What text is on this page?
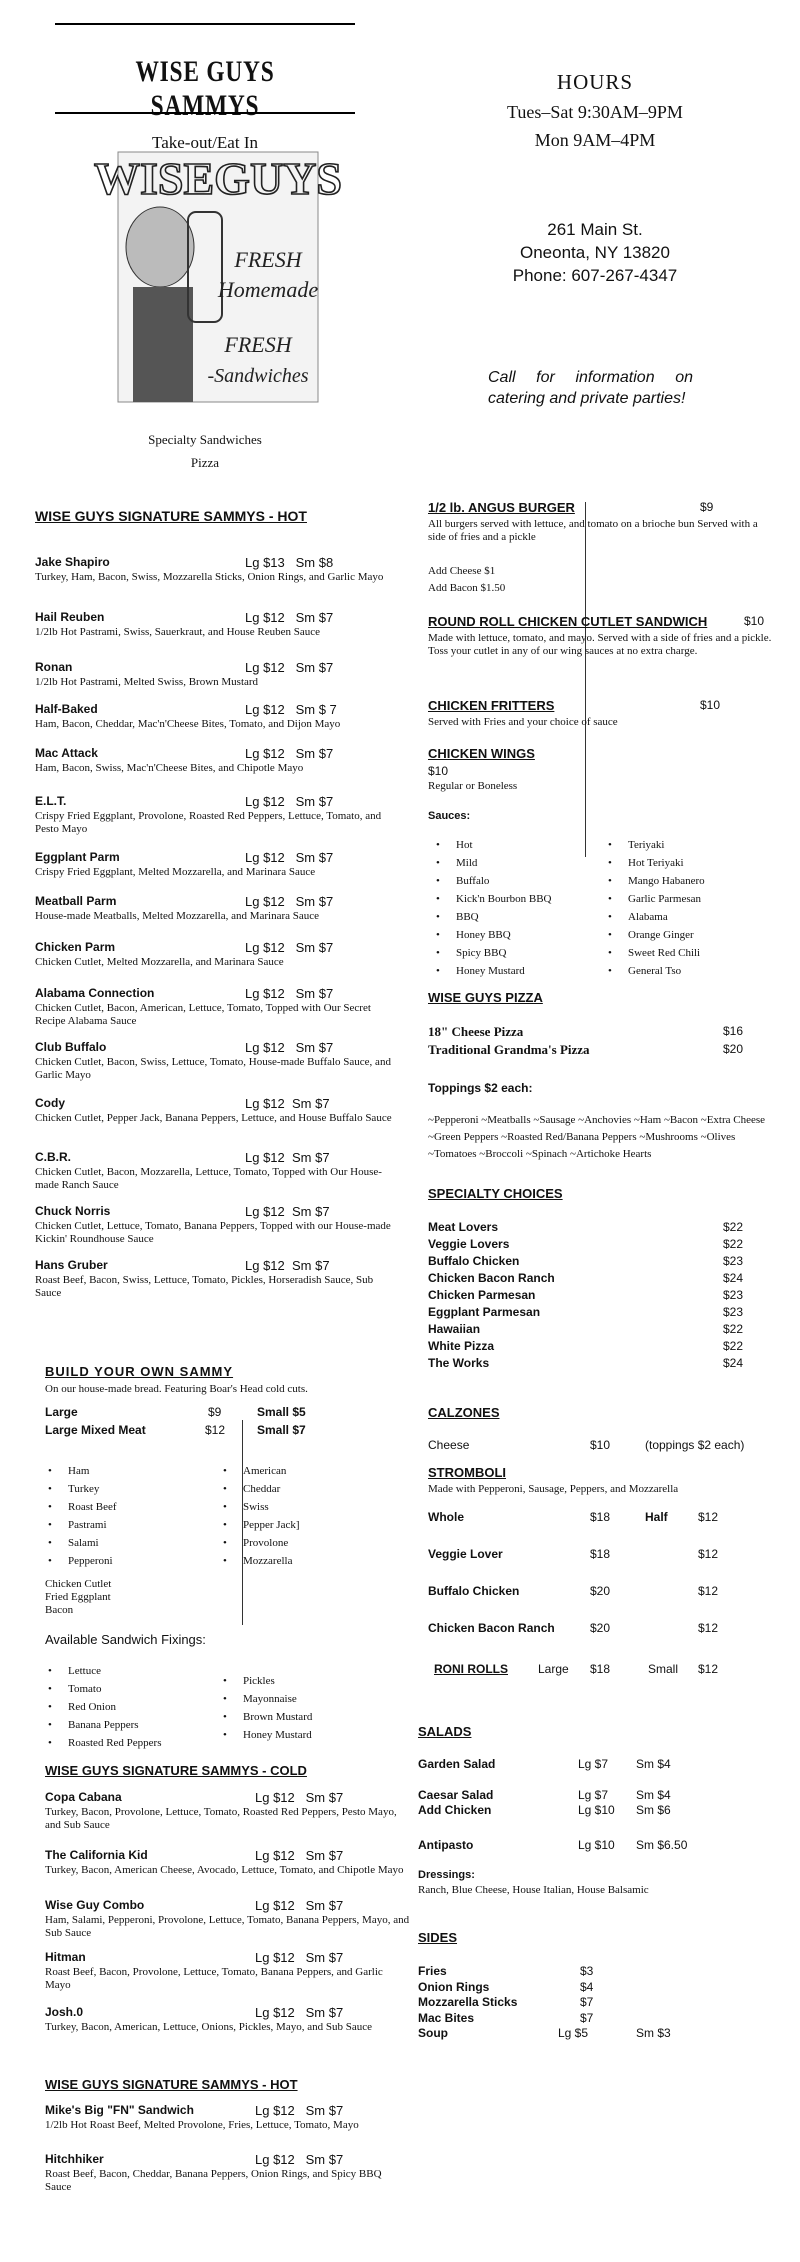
WISE GUYS SAMMYS
Take-out/Eat In
WISEGUYS
FRESH
Homemade
FRESH
-Sandwiches
Specialty Sandwiches
Pizza
HOURS
Tues–Sat 9:30AM–9PM
Mon 9AM–4PM
261 Main St.
Oneonta, NY 13820
Phone: 607-267-4347
Call for information on catering and private parties!
WISE GUYS SIGNATURE SAMMYS - HOT
Jake Shapiro	Lg $13   Sm $8
Turkey, Ham, Bacon, Swiss, Mozzarella Sticks, Onion Rings, and Garlic Mayo
Hail Reuben	Lg $12   Sm $7
1/2lb Hot Pastrami, Swiss, Sauerkraut, and House Reuben Sauce
Ronan	Lg $12   Sm $7
1/2lb Hot Pastrami, Melted Swiss, Brown Mustard
Half-Baked	Lg $12   Sm $ 7
Ham, Bacon, Cheddar, Mac'n'Cheese Bites, Tomato, and Dijon Mayo
Mac Attack	Lg $12   Sm $7
Ham, Bacon, Swiss, Mac'n'Cheese Bites, and Chipotle Mayo
E.L.T.	Lg $12   Sm $7
Crispy Fried Eggplant, Provolone, Roasted Red Peppers, Lettuce, Tomato, and Pesto Mayo
Eggplant Parm	Lg $12   Sm $7
Crispy Fried Eggplant, Melted Mozzarella, and Marinara Sauce
Meatball Parm	Lg $12   Sm $7
House-made Meatballs, Melted Mozzarella, and Marinara Sauce
Chicken Parm	Lg $12   Sm $7
Chicken Cutlet, Melted Mozzarella, and Marinara Sauce
Alabama Connection	Lg $12   Sm $7
Chicken Cutlet, Bacon, American, Lettuce, Tomato, Topped with Our Secret Recipe Alabama Sauce
Club Buffalo	Lg $12   Sm $7
Chicken Cutlet, Bacon, Swiss, Lettuce, Tomato, House-made Buffalo Sauce, and Garlic Mayo
Cody	Lg $12  Sm $7
Chicken Cutlet, Pepper Jack, Banana Peppers, Lettuce, and House Buffalo Sauce
C.B.R.	Lg $12  Sm $7
Chicken Cutlet, Bacon, Mozzarella, Lettuce, Tomato, Topped with Our House-made Ranch Sauce
Chuck Norris	Lg $12  Sm $7
Chicken Cutlet, Lettuce, Tomato, Banana Peppers, Topped with our House-made Kickin' Roundhouse Sauce
Hans Gruber	Lg $12  Sm $7
Roast Beef, Bacon, Swiss, Lettuce, Tomato, Pickles, Horseradish Sauce, Sub Sauce
BUILD YOUR OWN SAMMY
On our house-made bread. Featuring Boar's Head cold cuts.
Large	$9	Small $5
Large Mixed Meat	$12	Small $7
• Ham
• Turkey
• Roast Beef
• Pastrami
• Salami
• Pepperoni
• American
• Cheddar
• Swiss
• Pepper Jack]
• Provolone
• Mozzarella
Chicken Cutlet
Fried Eggplant
Bacon
Available Sandwich Fixings:
• Lettuce
• Tomato
• Red Onion
• Banana Peppers
• Roasted Red Peppers
• Pickles
• Mayonnaise
• Brown Mustard
• Honey Mustard
WISE GUYS SIGNATURE SAMMYS - COLD
Copa Cabana	Lg $12   Sm $7
Turkey, Bacon, Provolone, Lettuce, Tomato, Roasted Red Peppers, Pesto Mayo, and Sub Sauce
The California Kid	Lg $12   Sm $7
Turkey, Bacon, American Cheese, Avocado, Lettuce, Tomato, and Chipotle Mayo
Wise Guy Combo	Lg $12   Sm $7
Ham, Salami, Pepperoni, Provolone, Lettuce, Tomato, Banana Peppers, Mayo, and Sub Sauce
Hitman	Lg $12   Sm $7
Roast Beef, Bacon, Provolone, Lettuce, Tomato, Banana Peppers, and Garlic Mayo
Josh.0	Lg $12   Sm $7
Turkey, Bacon, American, Lettuce, Onions, Pickles, Mayo, and Sub Sauce
WISE GUYS SIGNATURE SAMMYS - HOT
Mike's Big "FN" Sandwich	Lg $12   Sm $7
1/2lb Hot Roast Beef, Melted Provolone, Fries, Lettuce, Tomato, Mayo
Hitchhiker	Lg $12   Sm $7
Roast Beef, Bacon, Cheddar, Banana Peppers, Onion Rings, and Spicy BBQ Sauce
1/2 lb. ANGUS BURGER	$9
All burgers served with lettuce, and tomato on a brioche bun Served with a side of fries and a pickle
Add Cheese $1
Add Bacon $1.50
ROUND ROLL CHICKEN CUTLET SANDWICH	$10
Made with lettuce, tomato, and mayo. Served with a side of fries and a pickle. Toss your cutlet in any of our wing sauces at no extra charge.
CHICKEN FRITTERS	$10
Served with Fries and your choice of sauce
CHICKEN WINGS
$10
Regular or Boneless
Sauces:
• Hot
• Mild
• Buffalo
• Kick'n Bourbon BBQ
• BBQ
• Honey BBQ
• Spicy BBQ
• Honey Mustard
• Teriyaki
• Hot Teriyaki
• Mango Habanero
• Garlic Parmesan
• Alabama
• Orange Ginger
• Sweet Red Chili
• General Tso
WISE GUYS PIZZA
18" Cheese Pizza	$16
Traditional Grandma's Pizza	$20
Toppings $2 each:
~Pepperoni ~Meatballs ~Sausage ~Anchovies ~Ham ~Bacon ~Extra Cheese ~Green Peppers ~Roasted Red/Banana Peppers ~Mushrooms ~Olives ~Tomatoes ~Broccoli ~Spinach ~Artichoke Hearts
SPECIALTY CHOICES
Meat Lovers	$22
Veggie Lovers	$22
Buffalo Chicken	$23
Chicken Bacon Ranch	$24
Chicken Parmesan	$23
Eggplant Parmesan	$23
Hawaiian	$22
White Pizza	$22
The Works	$24
CALZONES
Cheese	$10	(toppings $2 each)
STROMBOLI
Made with Pepperoni, Sausage, Peppers, and Mozzarella
Whole	$18	Half	$12
Veggie Lover	$18	$12
Buffalo Chicken	$20	$12
Chicken Bacon Ranch	$20	$12
RONI ROLLS	Large $18	Small $12
SALADS
Garden Salad	Lg $7 Sm $4
Caesar Salad	Lg $7 Sm $4
Add Chicken	Lg $10 Sm $6
Antipasto	Lg $10 Sm $6.50
Dressings:
Ranch, Blue Cheese, House Italian, House Balsamic
SIDES
Fries	$3
Onion Rings	$4
Mozzarella Sticks	$7
Mac Bites	$7
Soup	Lg $5	Sm $3
